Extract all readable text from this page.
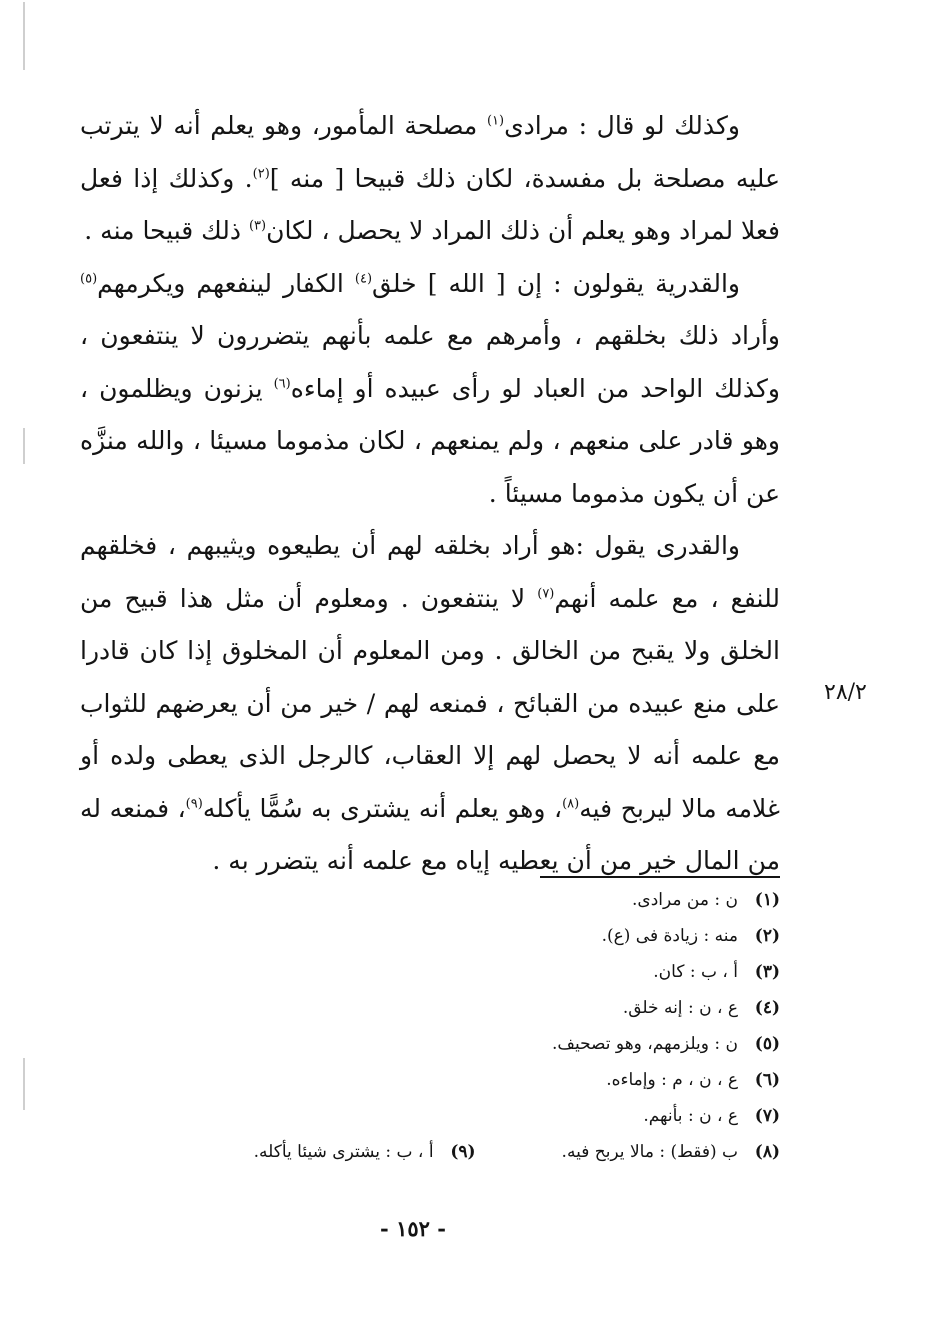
وكذلك لو قال : مرادى$^{(١)}$ مصلحة المأمور، وهو يعلم أنه لا يترتب عليه مصلحة بل مفسدة، لكان ذلك قبيحا [ منه ]$^{(٢)}$. وكذلك إذا فعل فعلا لمراد وهو يعلم أن ذلك المراد لا يحصل ، لكان$^{(٣)}$ ذلك قبيحا منه .

والقدرية يقولون : إن [ الله ] خلق$^{(٤)}$ الكفار لينفعهم ويكرمهم$^{(٥)}$ وأراد ذلك بخلقهم ، وأمرهم مع علمه بأنهم يتضررون لا ينتفعون ، وكذلك الواحد من العباد لو رأى عبيده أو إماءه$^{(٦)}$ يزنون ويظلمون ، وهو قادر على منعهم ، ولم يمنعهم ، لكان مذموما مسيئا ، والله منزَّه عن أن يكون مذموما مسيئاً .

والقدرى يقول :هو أراد بخلقه لهم أن يطيعوه ويثيبهم ، فخلقهم للنفع ، مع علمه أنهم$^{(٧)}$ لا ينتفعون . ومعلوم أن مثل هذا قبيح من الخلق ولا يقبح من الخالق . ومن المعلوم أن المخلوق إذا كان قادرا على منع عبيده من القبائح ، فمنعه لهم / خير من أن يعرضهم للثواب مع علمه أنه لا يحصل لهم إلا العقاب، كالرجل الذى يعطى ولده أو غلامه مالا ليربح فيه$^{(٨)}$، وهو يعلم أنه يشترى به سُمًّا يأكله$^{(٩)}$، فمنعه له من المال خير من أن يعطيه إياه مع علمه أنه يتضرر به .

٢٨/٢
(١)
ن : من مرادى.
(٢)
منه : زيادة فى (ع).
(٣)
أ ، ب : كان.
(٤)
ع ، ن : إنه خلق.
(٥)
ن : ويلزمهم، وهو تصحيف.
(٦)
ع ، ن ، م : وإماءه.
(٧)
ع ، ن : بأنهم.
(٨)
ب (فقط) : مالا يربح فيه.
(٩)
أ ، ب : يشترى شيئا يأكله.
- ١٥٢ -
